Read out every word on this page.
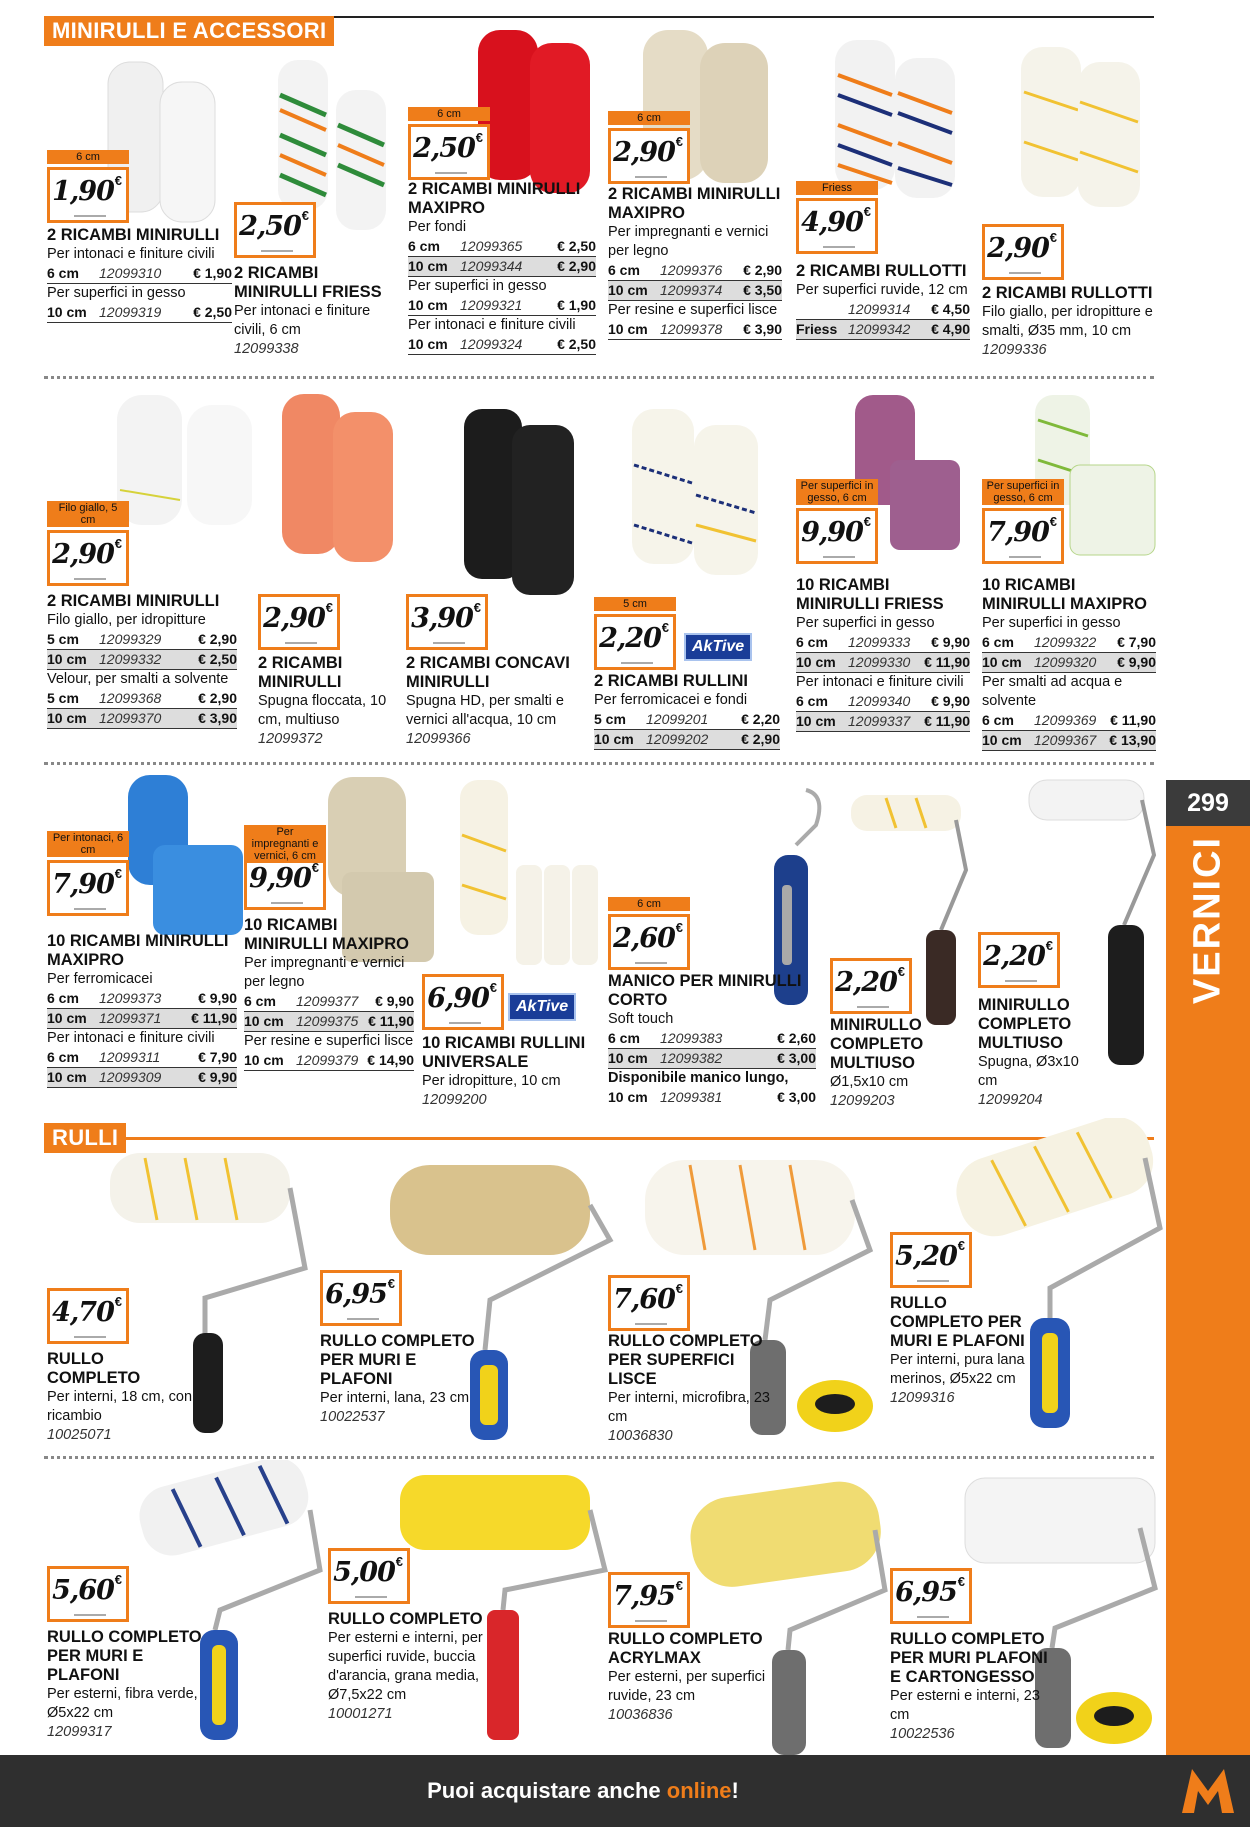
MINIRULLI E ACCESSORI
RULLI
299
VERNICI
Puoi acquistare anche online!
6 cm
1,90 €
2 RICAMBI MINIRULLI

Per intonaci e finiture civili

6 cm	12099310	€ 1,90

Per superfici in gesso

10 cm 12099319	€ 2,50
2,50 €
2 RICAMBI MINIRULLI FRIESS

Per intonaci e finiture civili, 6 cm

12099338

6 cm
2,50 €
2 RICAMBI MINIRULLI MAXIPRO

Per fondi

6 cm	12099365	€ 2,50
10 cm 12099344	€ 2,90

Per superfici in gesso

10 cm 12099321	€ 1,90

Per intonaci e finiture civili

10 cm 12099324	€ 2,50
6 cm
2,90 €
2 RICAMBI MINIRULLI MAXIPRO

Per impregnanti e vernici per legno

6 cm	12099376	€ 2,90
10 cm 12099374	€ 3,50

Per resine e superfici lisce

10 cm 12099378	€ 3,90
Friess
4,90 €
2 RICAMBI RULLOTTI

Per superfici ruvide, 12 cm

12099314	€ 4,50
Friess 12099342	€ 4,90
2,90 €
2 RICAMBI RULLOTTI

Filo giallo, per idropitture e smalti, Ø35 mm, 10 cm

12099336

Filo giallo, 5 cm
2,90 €
2 RICAMBI MINIRULLI

Filo giallo, per idropitture

5 cm	12099329	€ 2,90
10 cm 12099332	€ 2,50

Velour, per smalti a solvente

5 cm	12099368	€ 2,90
10 cm 12099370	€ 3,90
2,90 €
2 RICAMBI MINIRULLI

Spugna floccata, 10 cm, multiuso

12099372

3,90 €
2 RICAMBI CONCAVI MINIRULLI

Spugna HD, per smalti e vernici all'acqua, 10 cm

12099366

5 cm
2,20 €
AkTive
2 RICAMBI RULLINI

Per ferromicacei e fondi

5 cm	12099201	€ 2,20
10 cm 12099202	€ 2,90
Per superfici in gesso, 6 cm
9,90 €
10 RICAMBI MINIRULLI FRIESS

Per superfici in gesso

6 cm	12099333	€ 9,90
10 cm 12099330 € 11,90

Per intonaci e finiture civili

6 cm	12099340	€ 9,90
10 cm 12099337 € 11,90
Per superfici in gesso, 6 cm
7,90 €
10 RICAMBI MINIRULLI MAXIPRO

Per superfici in gesso

6 cm	12099322	€ 7,90
10 cm 12099320	€ 9,90

Per smalti ad acqua e solvente

6 cm	12099369 € 11,90
10 cm 12099367 € 13,90
Per intonaci, 6 cm
7,90 €
10 RICAMBI MINIRULLI MAXIPRO

Per ferromicacei

6 cm	12099373	€ 9,90
10 cm 12099371	€ 11,90

Per intonaci e finiture civili

6 cm	12099311	€ 7,90
10 cm 12099309	€ 9,90
Per impregnanti e vernici, 6 cm
9,90 €
10 RICAMBI MINIRULLI MAXIPRO

Per impregnanti e vernici per legno

6 cm	12099377	€ 9,90
10 cm 12099375 € 11,90

Per resine e superfici lisce

10 cm 12099379 € 14,90
6,90 €
AkTive
10 RICAMBI RULLINI UNIVERSALE

Per idropitture, 10 cm

12099200

6 cm
2,60 €
MANICO PER MINIRULLI CORTO

Soft touch

6 cm	12099383	€ 2,60
10 cm 12099382	€ 3,00

Disponibile manico lungo,

10 cm 12099381	€ 3,00
2,20 €
MINIRULLO COMPLETO MULTIUSO

Ø1,5x10 cm

12099203

2,20 €
MINIRULLO COMPLETO MULTIUSO

Spugna, Ø3x10 cm

12099204

4,70 €
RULLO COMPLETO

Per interni, 18 cm, con ricambio

10025071

6,95 €
RULLO COMPLETO PER MURI E PLAFONI

Per interni, lana, 23 cm

10022537

7,60 €
RULLO COMPLETO PER SUPERFICI LISCE

Per interni, microfibra, 23 cm

10036830

5,20 €
RULLO COMPLETO PER MURI E PLAFONI

Per interni, pura lana merinos, Ø5x22 cm

12099316

5,60 €
RULLO COMPLETO PER MURI E PLAFONI

Per esterni, fibra verde, Ø5x22 cm

12099317

5,00 €
RULLO COMPLETO

Per esterni e interni, per superfici ruvide, buccia d'arancia, grana media, Ø7,5x22 cm

10001271

7,95 €
RULLO COMPLETO ACRYLMAX

Per esterni, per superfici ruvide, 23 cm

10036836

6,95 €
RULLO COMPLETO PER MURI PLAFONI E CARTONGESSO

Per esterni e interni, 23 cm

10022536
